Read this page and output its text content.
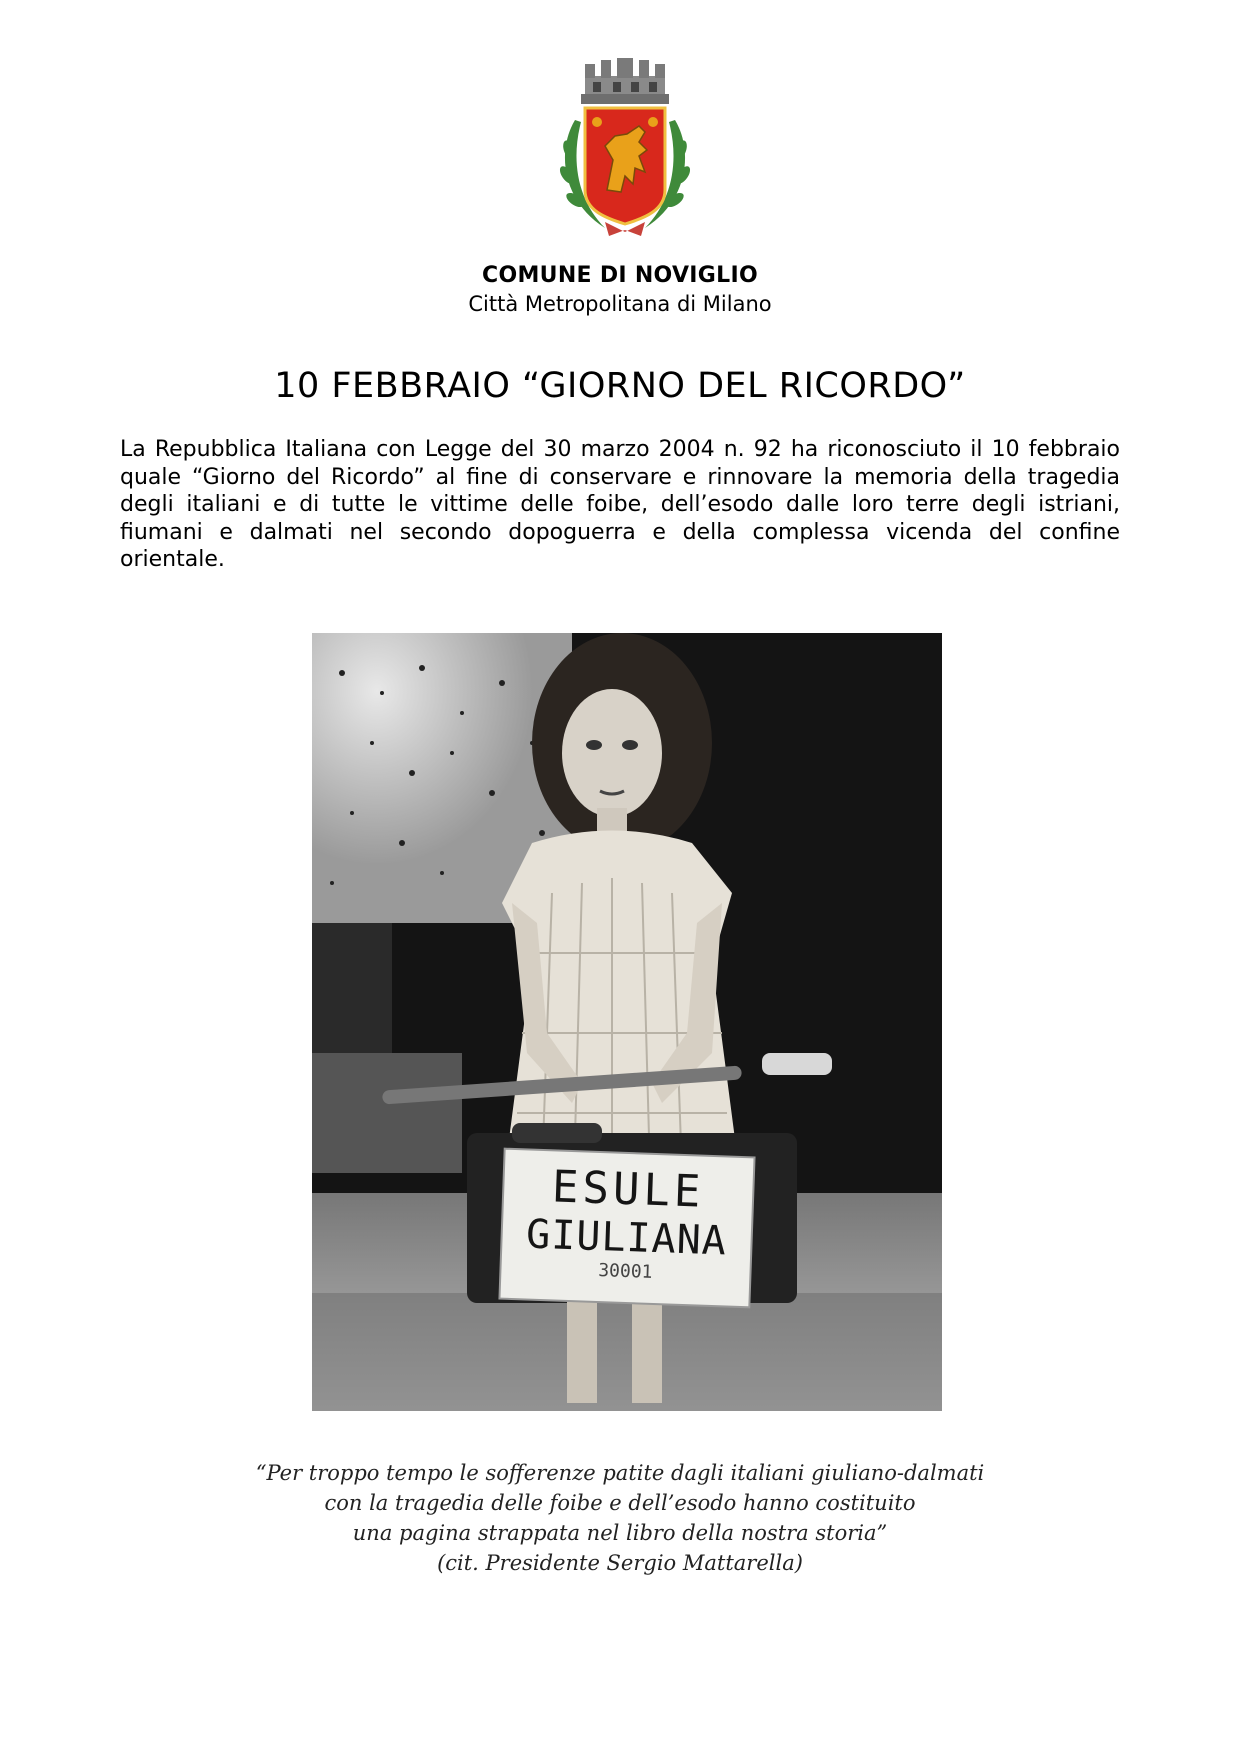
COMUNE DI NOVIGLIO
Città Metropolitana di Milano
10 FEBBRAIO “GIORNO DEL RICORDO”
La Repubblica Italiana con Legge del 30 marzo 2004 n. 92 ha riconosciuto il 10 febbraio quale “Giorno del Ricordo” al fine di conservare e rinnovare la memoria della tragedia degli italiani e di tutte le vittime delle foibe, dell’esodo dalle loro terre degli istriani, fiumani e dalmati nel secondo dopoguerra e della complessa vicenda del confine orientale.
ESULE
GIULIANA
30001
“Per troppo tempo le sofferenze patite dagli italiani giuliano-dalmati
con la tragedia delle foibe e dell’esodo hanno costituito
una pagina strappata nel libro della nostra storia”
(cit. Presidente Sergio Mattarella)
